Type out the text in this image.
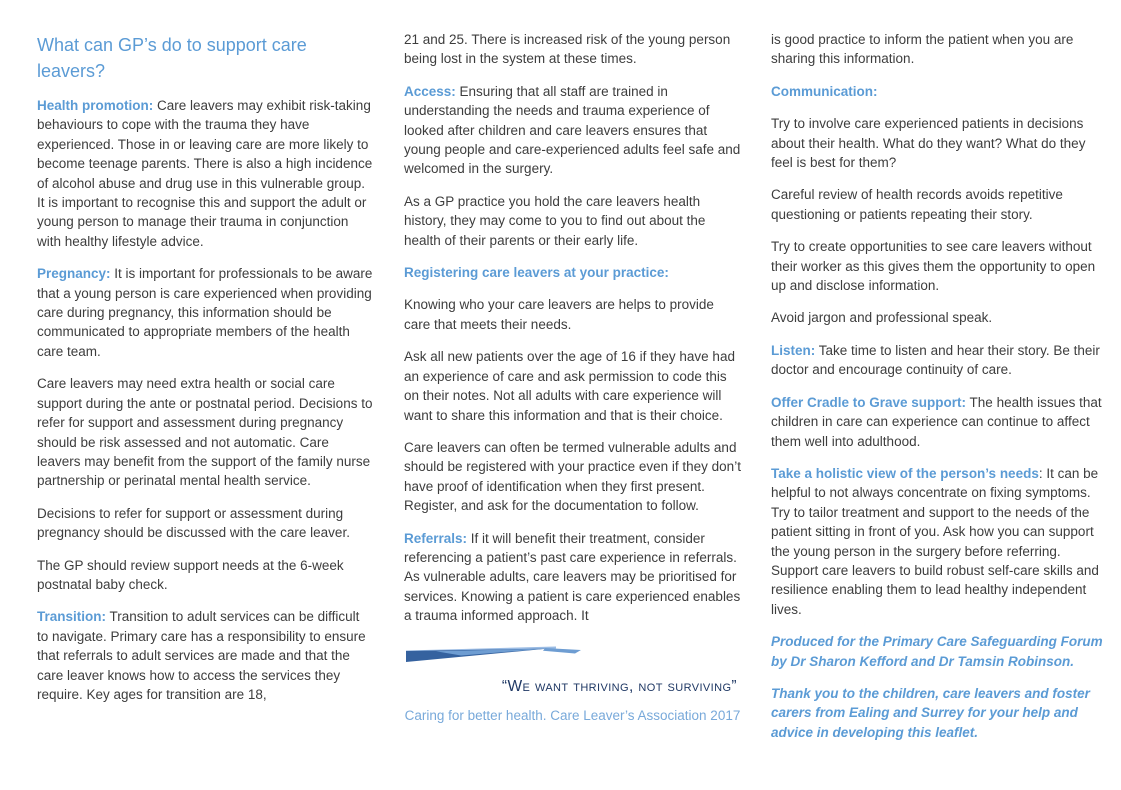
What can GP’s do to support care leavers?

Health promotion: Care leavers may exhibit risk-taking behaviours to cope with the trauma they have experienced. Those in or leaving care are more likely to become teenage parents. There is also a high incidence of alcohol abuse and drug use in this vulnerable group. It is important to recognise this and support the adult or young person to manage their trauma in conjunction with healthy lifestyle advice.

Pregnancy: It is important for professionals to be aware that a young person is care experienced when providing care during pregnancy, this information should be communicated to appropriate members of the health care team.

Care leavers may need extra health or social care support during the ante or postnatal period. Decisions to refer for support and assessment during pregnancy should be risk assessed and not automatic. Care leavers may benefit from the support of the family nurse partnership or perinatal mental health service.

Decisions to refer for support or assessment during pregnancy should be discussed with the care leaver.

The GP should review support needs at the 6-week postnatal baby check.

Transition: Transition to adult services can be difficult to navigate. Primary care has a responsibility to ensure that referrals to adult services are made and that the care leaver knows how to access the services they require. Key ages for transition are 18,

21 and 25. There is increased risk of the young person being lost in the system at these times.

Access: Ensuring that all staff are trained in understanding the needs and trauma experience of looked after children and care leavers ensures that young people and care-experienced adults feel safe and welcomed in the surgery.

As a GP practice you hold the care leavers health history, they may come to you to find out about the health of their parents or their early life.

Registering care leavers at your practice:

Knowing who your care leavers are helps to provide care that meets their needs.

Ask all new patients over the age of 16 if they have had an experience of care and ask permission to code this on their notes. Not all adults with care experience will want to share this information and that is their choice.

Care leavers can often be termed vulnerable adults and should be registered with your practice even if they don’t have proof of identification when they first present. Register, and ask for the documentation to follow.

Referrals: If it will benefit their treatment, consider referencing a patient’s past care experience in referrals. As vulnerable adults, care leavers may be prioritised for services. Knowing a patient is care experienced enables a trauma informed approach. It

“We want thriving, not surviving”

Caring for better health. Care Leaver’s Association 2017

is good practice to inform the patient when you are sharing this information.

Communication:

Try to involve care experienced patients in decisions about their health. What do they want? What do they feel is best for them?

Careful review of health records avoids repetitive questioning or patients repeating their story.

Try to create opportunities to see care leavers without their worker as this gives them the opportunity to open up and disclose information.

Avoid jargon and professional speak.

Listen: Take time to listen and hear their story. Be their doctor and encourage continuity of care.

Offer Cradle to Grave support: The health issues that children in care can experience can continue to affect them well into adulthood.

Take a holistic view of the person’s needs: It can be helpful to not always concentrate on fixing symptoms. Try to tailor treatment and support to the needs of the patient sitting in front of you. Ask how you can support the young person in the surgery before referring. Support care leavers to build robust self-care skills and resilience enabling them to lead healthy independent lives.

Produced for the Primary Care Safeguarding Forum by Dr Sharon Kefford and Dr Tamsin Robinson.

Thank you to the children, care leavers and foster carers from Ealing and Surrey for your help and advice in developing this leaflet.
